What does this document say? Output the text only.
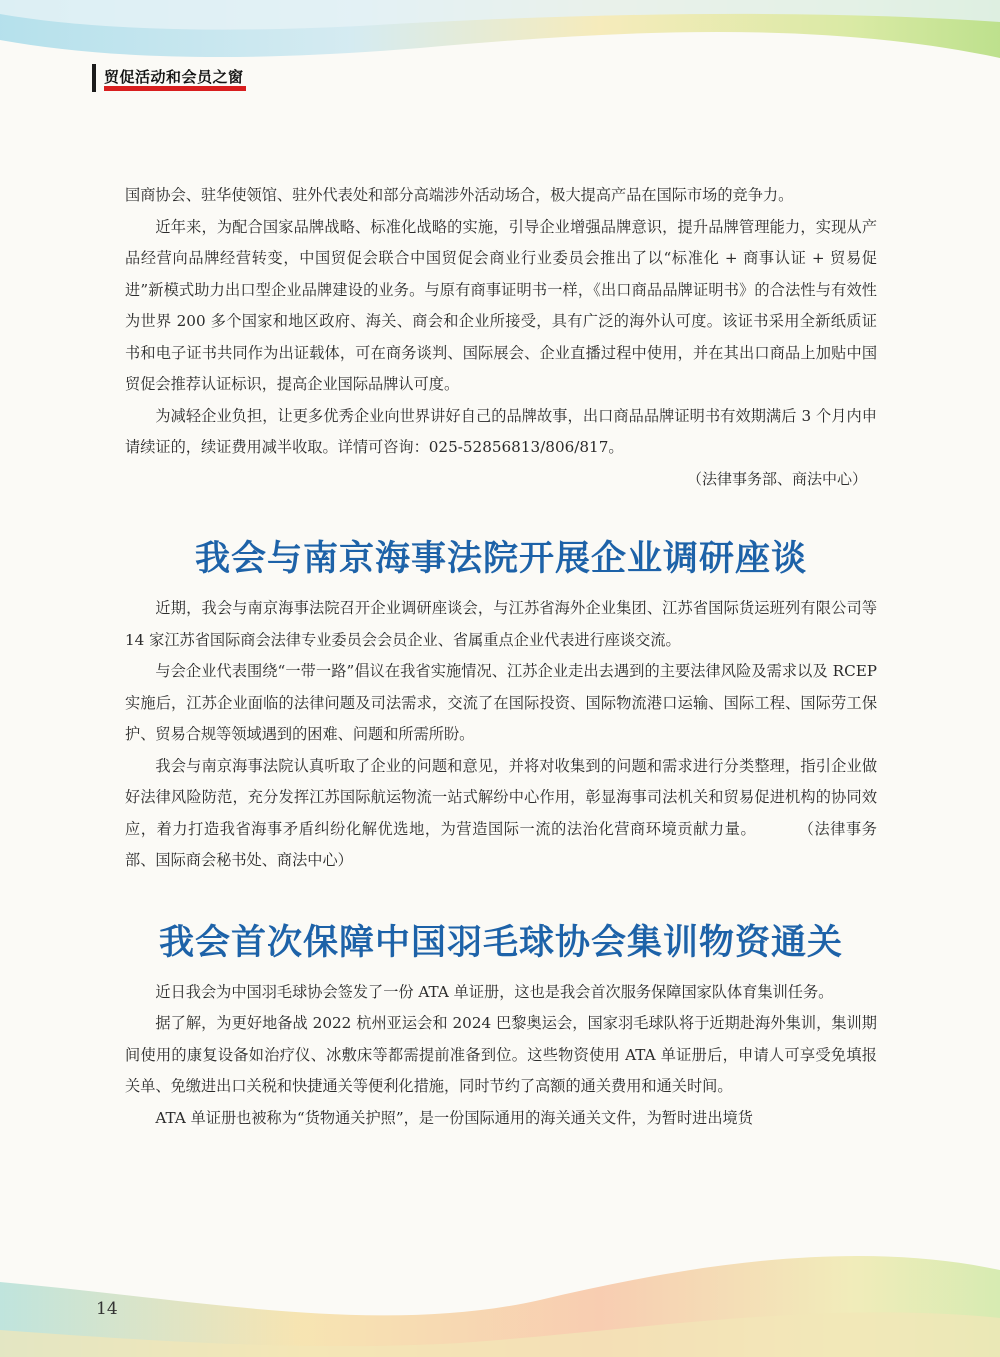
贸促活动和会员之窗

国商协会、驻华使领馆、驻外代表处和部分高端涉外活动场合，极大提高产品在国际市场的竞争力。

近年来，为配合国家品牌战略、标准化战略的实施，引导企业增强品牌意识，提升品牌管理能力，实现从产品经营向品牌经营转变，中国贸促会联合中国贸促会商业行业委员会推出了以“标准化 + 商事认证 + 贸易促进”新模式助力出口型企业品牌建设的业务。与原有商事证明书一样，《出口商品品牌证明书》的合法性与有效性为世界 200 多个国家和地区政府、海关、商会和企业所接受，具有广泛的海外认可度。该证书采用全新纸质证书和电子证书共同作为出证载体，可在商务谈判、国际展会、企业直播过程中使用，并在其出口商品上加贴中国贸促会推荐认证标识，提高企业国际品牌认可度。

为减轻企业负担，让更多优秀企业向世界讲好自己的品牌故事，出口商品品牌证明书有效期满后 3 个月内申请续证的，续证费用减半收取。详情可咨询：025-52856813/806/817。

（法律事务部、商法中心）

我会与南京海事法院开展企业调研座谈

近期，我会与南京海事法院召开企业调研座谈会，与江苏省海外企业集团、江苏省国际货运班列有限公司等 14 家江苏省国际商会法律专业委员会会员企业、省属重点企业代表进行座谈交流。

与会企业代表围绕“一带一路”倡议在我省实施情况、江苏企业走出去遇到的主要法律风险及需求以及 RCEP 实施后，江苏企业面临的法律问题及司法需求，交流了在国际投资、国际物流港口运输、国际工程、国际劳工保护、贸易合规等领域遇到的困难、问题和所需所盼。

我会与南京海事法院认真听取了企业的问题和意见，并将对收集到的问题和需求进行分类整理，指引企业做好法律风险防范，充分发挥江苏国际航运物流一站式解纷中心作用，彰显海事司法机关和贸易促进机构的协同效应，着力打造我省海事矛盾纠纷化解优选地，为营造国际一流的法治化营商环境贡献力量。	（法律事务部、国际商会秘书处、商法中心）

我会首次保障中国羽毛球协会集训物资通关

近日我会为中国羽毛球协会签发了一份 ATA 单证册，这也是我会首次服务保障国家队体育集训任务。

据了解，为更好地备战 2022 杭州亚运会和 2024 巴黎奥运会，国家羽毛球队将于近期赴海外集训，集训期间使用的康复设备如治疗仪、冰敷床等都需提前准备到位。这些物资使用 ATA 单证册后，申请人可享受免填报关单、免缴进出口关税和快捷通关等便利化措施，同时节约了高额的通关费用和通关时间。

ATA 单证册也被称为“货物通关护照”，是一份国际通用的海关通关文件，为暂时进出境货

14
